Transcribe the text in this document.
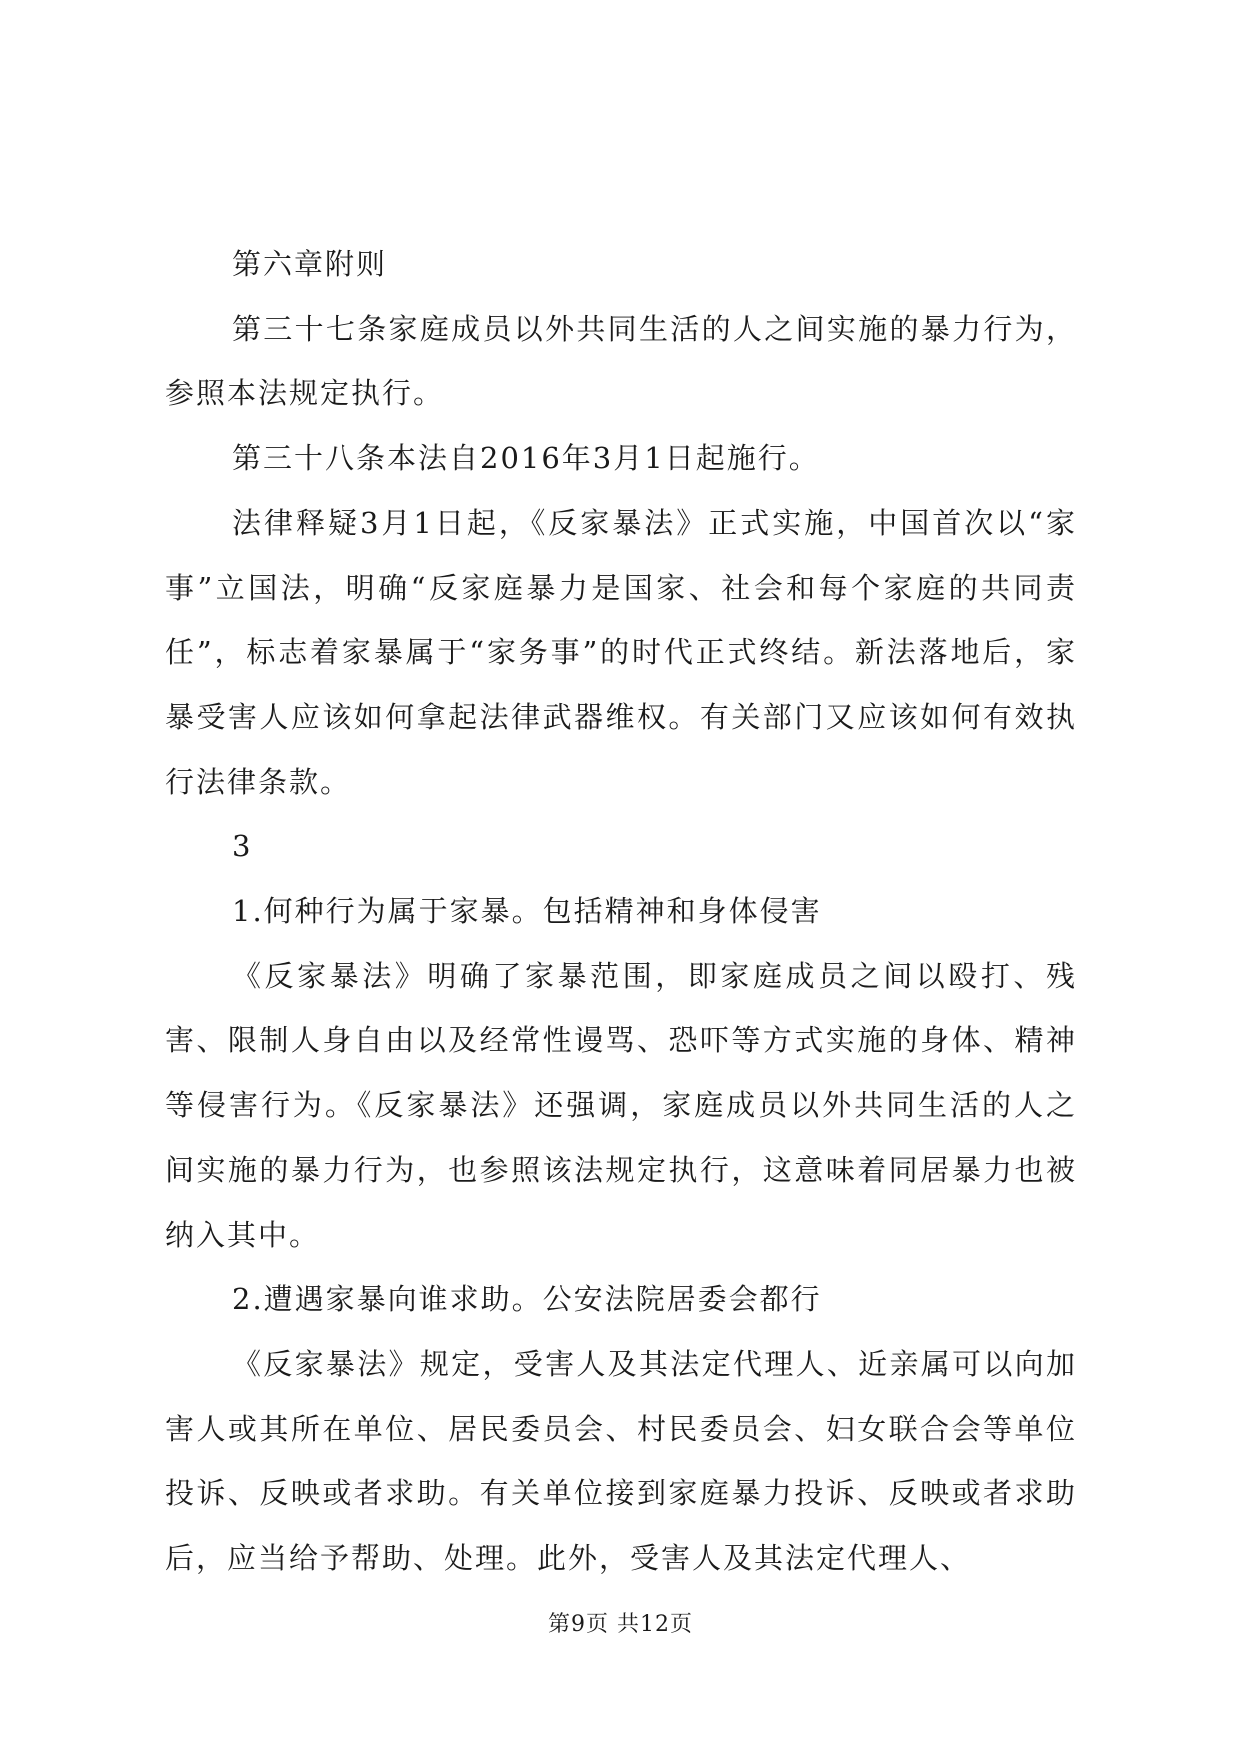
第六章附则

第三十七条家庭成员以外共同生活的人之间实施的暴力行为，参照本法规定执行。

第三十八条本法自2016年3月1日起施行。

法律释疑3月1日起，《反家暴法》正式实施，中国首次以“家事”立国法，明确“反家庭暴力是国家、社会和每个家庭的共同责任”，标志着家暴属于“家务事”的时代正式终结。新法落地后，家暴受害人应该如何拿起法律武器维权。有关部门又应该如何有效执行法律条款。

3

1.何种行为属于家暴。包括精神和身体侵害

《反家暴法》明确了家暴范围，即家庭成员之间以殴打、残害、限制人身自由以及经常性谩骂、恐吓等方式实施的身体、精神等侵害行为。《反家暴法》还强调，家庭成员以外共同生活的人之间实施的暴力行为，也参照该法规定执行，这意味着同居暴力也被纳入其中。

2.遭遇家暴向谁求助。公安法院居委会都行

《反家暴法》规定，受害人及其法定代理人、近亲属可以向加害人或其所在单位、居民委员会、村民委员会、妇女联合会等单位投诉、反映或者求助。有关单位接到家庭暴力投诉、反映或者求助后，应当给予帮助、处理。此外，受害人及其法定代理人、

第9页 共12页
